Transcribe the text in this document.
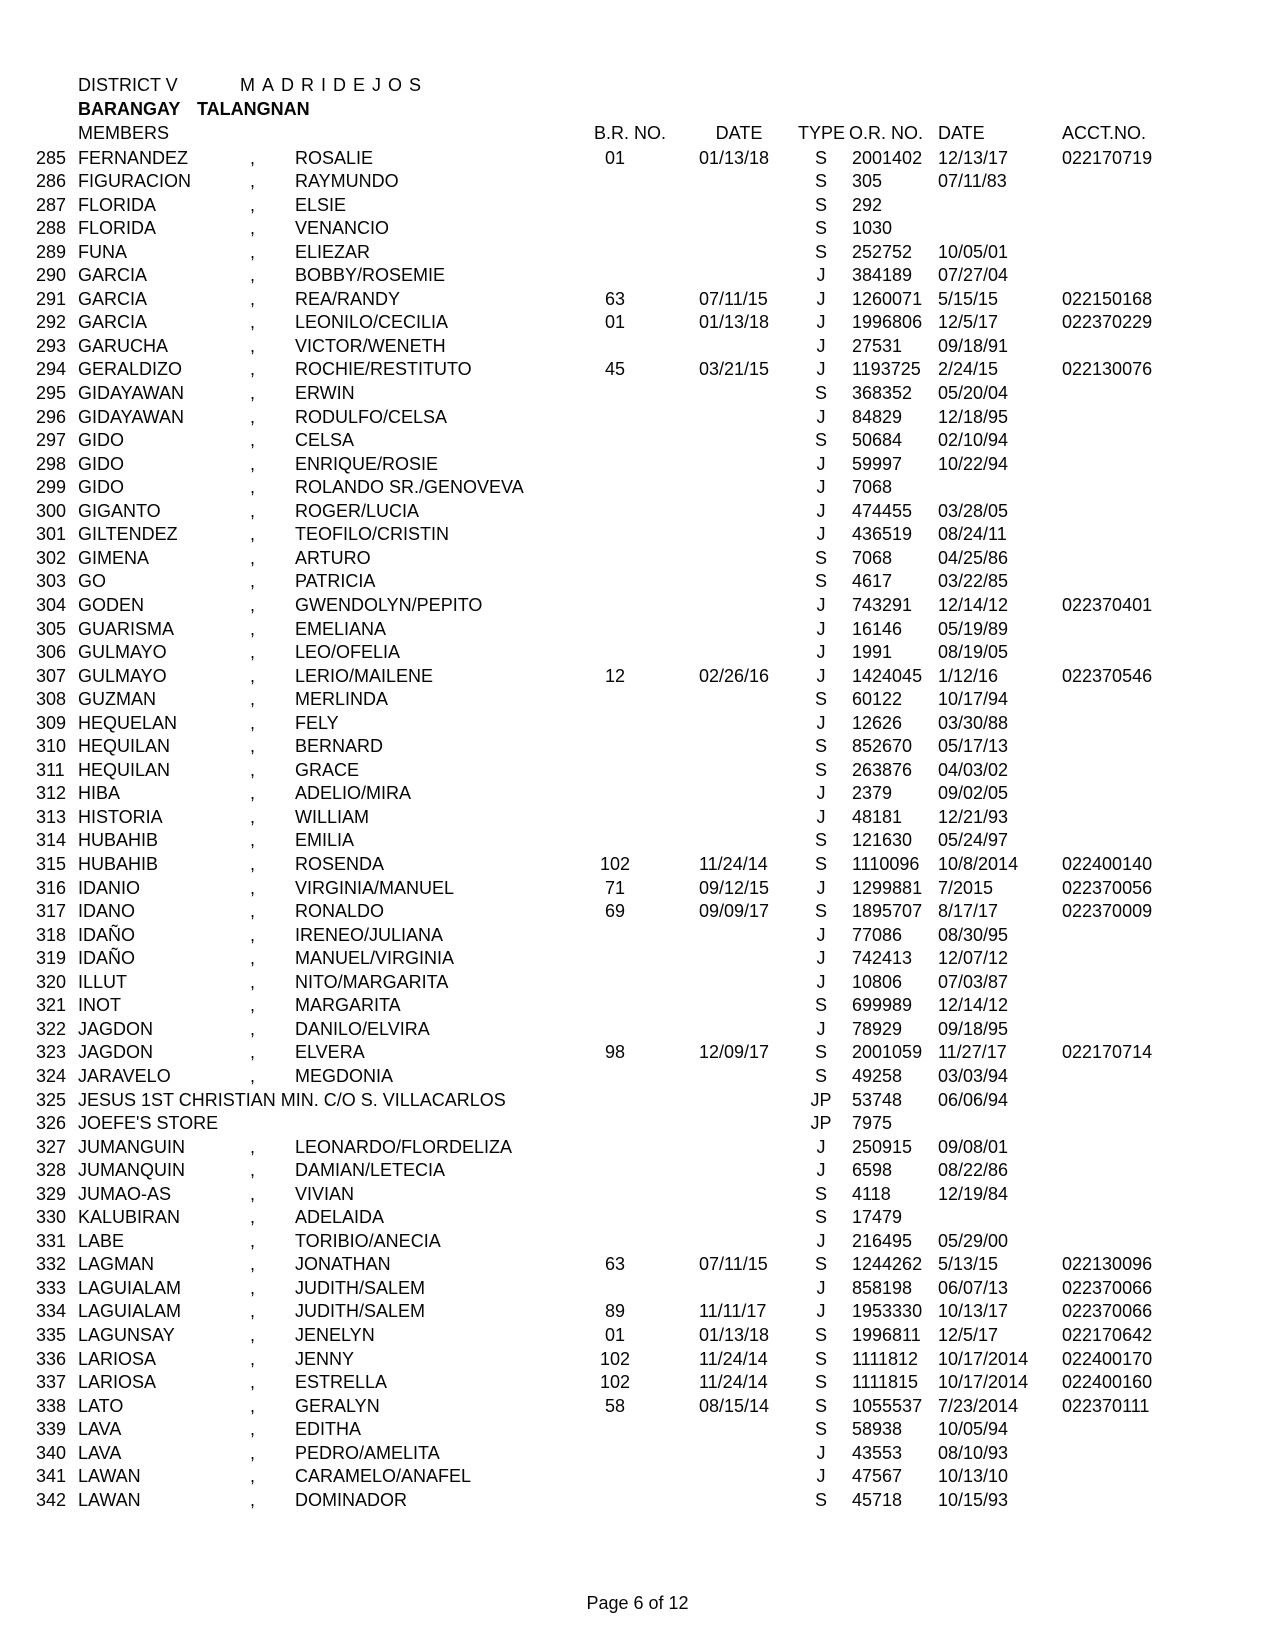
DISTRICT V	MADRIDEJOS
BARANGAY TALANGNAN
MEMBERS	B.R. NO.	DATE	TYPE O.R. NO. DATE	ACCT.NO.
285 FERNANDEZ	, ROSALIE	01	01/13/18	S	2001402 12/13/17	022170719
286 FIGURACION	, RAYMUNDO	S	305	07/11/83
287 FLORIDA	, ELSIE	S	292
288 FLORIDA	, VENANCIO	S	1030
289 FUNA	, ELIEZAR	S	252752 10/05/01
290 GARCIA	, BOBBY/ROSEMIE	J	384189 07/27/04
291 GARCIA	, REA/RANDY	63	07/11/15	J	1260071 5/15/15	022150168
292 GARCIA	, LEONILO/CECILIA	01	01/13/18	J	1996806 12/5/17	022370229
293 GARUCHA	, VICTOR/WENETH	J	27531 09/18/91
294 GERALDIZO	, ROCHIE/RESTITUTO	45	03/21/15	J	1193725 2/24/15	022130076
295 GIDAYAWAN	, ERWIN	S	368352 05/20/04
296 GIDAYAWAN	, RODULFO/CELSA	J	84829 12/18/95
297 GIDO	, CELSA	S	50684 02/10/94
298 GIDO	, ENRIQUE/ROSIE	J	59997 10/22/94
299 GIDO	, ROLANDO SR./GENOVEVA	J	7068
300 GIGANTO	, ROGER/LUCIA	J	474455 03/28/05
301 GILTENDEZ	, TEOFILO/CRISTIN	J	436519 08/24/11
302 GIMENA	, ARTURO	S	7068	04/25/86
303 GO	, PATRICIA	S	4617	03/22/85
304 GODEN	, GWENDOLYN/PEPITO	J	743291 12/14/12	022370401
305 GUARISMA	, EMELIANA	J	16146 05/19/89
306 GULMAYO	, LEO/OFELIA	J	1991	08/19/05
307 GULMAYO	, LERIO/MAILENE	12	02/26/16	J	1424045 1/12/16	022370546
308 GUZMAN	, MERLINDA	S	60122 10/17/94
309 HEQUELAN	, FELY	J	12626 03/30/88
310 HEQUILAN	, BERNARD	S	852670 05/17/13
311 HEQUILAN	, GRACE	S	263876 04/03/02
312 HIBA	, ADELIO/MIRA	J	2379	09/02/05
313 HISTORIA	, WILLIAM	J	48181 12/21/93
314 HUBAHIB	, EMILIA	S	121630 05/24/97
315 HUBAHIB	, ROSENDA	102	11/24/14	S	1110096 10/8/2014 022400140
316 IDANIO	, VIRGINIA/MANUEL	71	09/12/15	J	1299881 7/2015	022370056
317 IDANO	, RONALDO	69	09/09/17	S	1895707 8/17/17	022370009
318 IDAÑO	, IRENEO/JULIANA	J	77086 08/30/95
319 IDAÑO	, MANUEL/VIRGINIA	J	742413 12/07/12
320 ILLUT	, NITO/MARGARITA	J	10806 07/03/87
321 INOT	, MARGARITA	S	699989 12/14/12
322 JAGDON	, DANILO/ELVIRA	J	78929 09/18/95
323 JAGDON	, ELVERA	98	12/09/17	S	2001059 11/27/17	022170714
324 JARAVELO	, MEGDONIA	S	49258 03/03/94
325 JESUS 1ST CHRISTIAN MIN. C/O S. VILLACARLOS	JP	53748 06/06/94
326 JOEFE'S STORE	JP	7975
327 JUMANGUIN	, LEONARDO/FLORDELIZA	J	250915 09/08/01
328 JUMANQUIN	, DAMIAN/LETECIA	J	6598	08/22/86
329 JUMAO-AS	, VIVIAN	S	4118	12/19/84
330 KALUBIRAN	, ADELAIDA	S	17479
331 LABE	, TORIBIO/ANECIA	J	216495 05/29/00
332 LAGMAN	, JONATHAN	63	07/11/15	S	1244262 5/13/15	022130096
333 LAGUIALAM	, JUDITH/SALEM	J	858198 06/07/13	022370066
334 LAGUIALAM	, JUDITH/SALEM	89	11/11/17	J	1953330 10/13/17	022370066
335 LAGUNSAY	, JENELYN	01	01/13/18	S	1996811 12/5/17	022170642
336 LARIOSA	, JENNY	102	11/24/14	S	1111812 10/17/2014 022400170
337 LARIOSA	, ESTRELLA	102	11/24/14	S	1111815 10/17/2014 022400160
338 LATO	, GERALYN	58	08/15/14	S	1055537 7/23/2014 022370111
339 LAVA	, EDITHA	S	58938 10/05/94
340 LAVA	, PEDRO/AMELITA	J	43553 08/10/93
341 LAWAN	, CARAMELO/ANAFEL	J	47567 10/13/10
342 LAWAN	, DOMINADOR	S	45718 10/15/93
Page 6 of 12
